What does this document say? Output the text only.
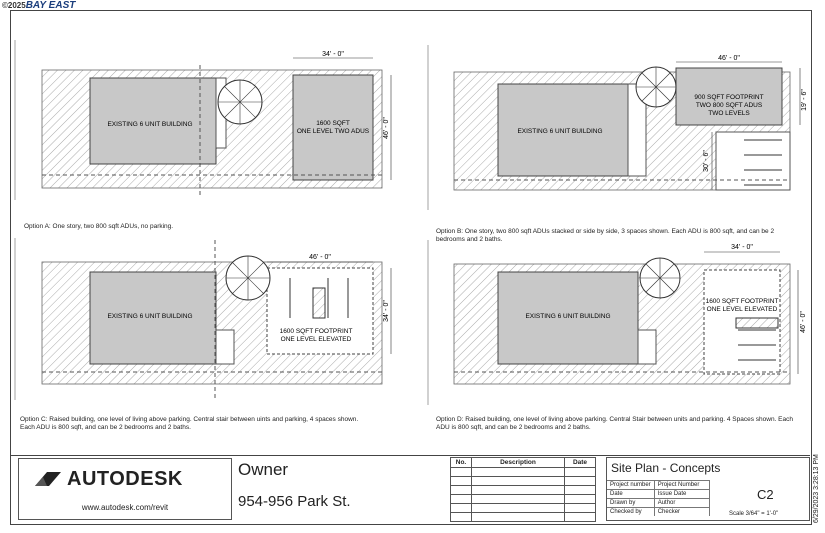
©2025BAY EAST
EXISTING 6 UNIT BUILDING
34' - 0"
46' - 0"
1600 SQFT
ONE LEVEL TWO ADUS	EXISTING 6 UNIT BUILDING
46' - 0"
19' - 6"
30' - 6"
900 SQFT FOOTPRINT
TWO 800 SQFT ADUS
TWO LEVELS
EXISTING 6 UNIT BUILDING
46' - 0"
34' - 0"
1600 SQFT FOOTPRINT
ONE LEVEL ELEVATED
EXISTING 6 UNIT BUILDING
34' - 0"
46' - 0"
1600 SQFT FOOTPRINT
ONE LEVEL ELEVATED
Option A: One story, two 800 sqft ADUs, no parking.
Option B: One story, two 800 sqft ADUs stacked or side by side, 3 spaces shown. Each ADU is 800 sqft, and can be 2
bedrooms and 2 baths.
Option C: Raised building, one level of living above parking. Central stair between uints and parking, 4 spaces shown.
Each ADU is 800 sqft, and can be 2 bedrooms and 2 baths.
Option D: Raised building, one level of living above parking. Central Stair between units and parking. 4 Spaces shown. Each
ADU is 800 sqft, and can be 2 bedrooms and 2 baths.
AUTODESK
www.autodesk.com/revit
Owner
954-956 Park St.
No.	Description	Date

		Site Plan - Concepts
Project number	Project Number
Date	Issue Date
Drawn by	Author
Checked by	Checker
C2
Scale 3/64" = 1'-0"	6/29/2023 3:28:13 PM
